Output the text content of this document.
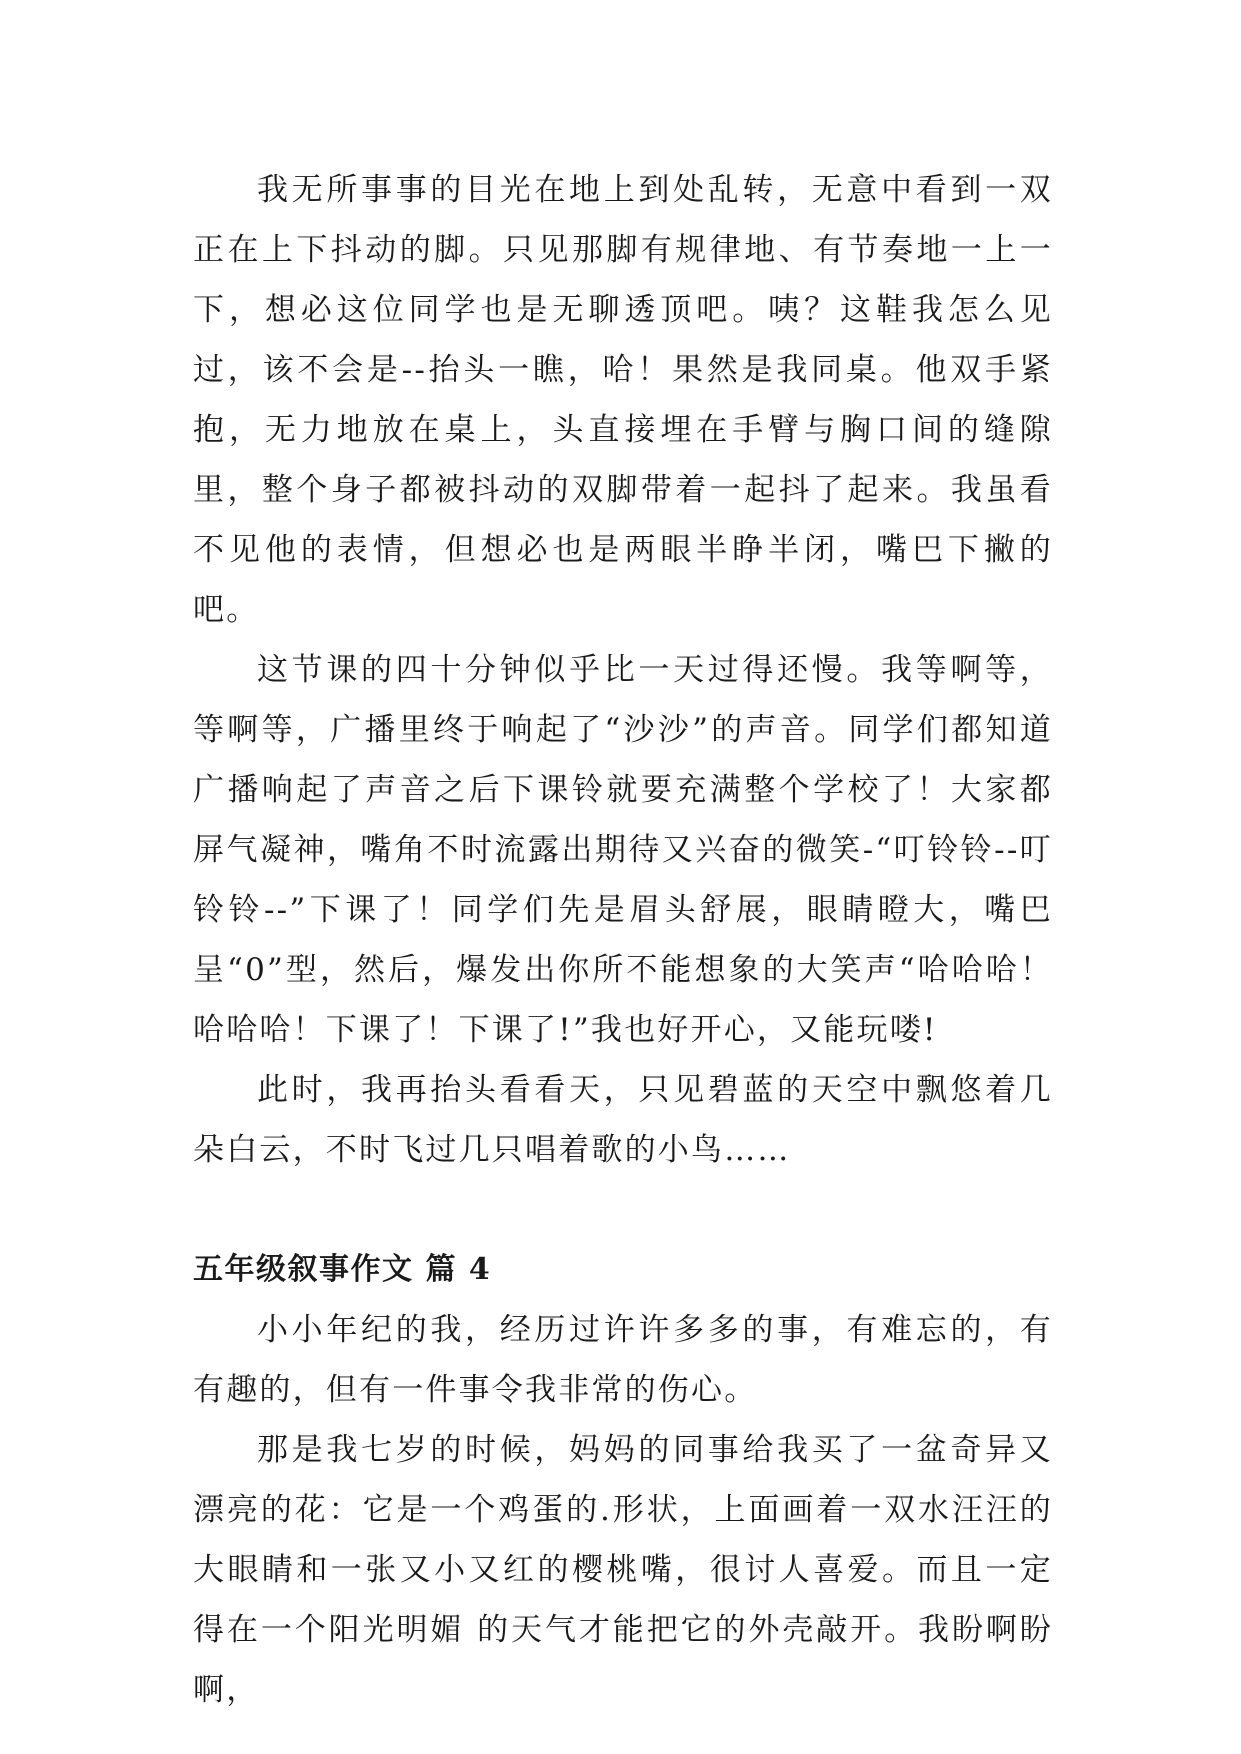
我无所事事的目光在地上到处乱转，无意中看到一双正在上下抖动的脚。只见那脚有规律地、有节奏地一上一下，想必这位同学也是无聊透顶吧。咦？这鞋我怎么见过，该不会是--抬头一瞧，哈！果然是我同桌。他双手紧抱，无力地放在桌上，头直接埋在手臂与胸口间的缝隙里，整个身子都被抖动的双脚带着一起抖了起来。我虽看不见他的表情，但想必也是两眼半睁半闭，嘴巴下撇的吧。

这节课的四十分钟似乎比一天过得还慢。我等啊等，等啊等，广播里终于响起了“沙沙”的声音。同学们都知道广播响起了声音之后下课铃就要充满整个学校了！大家都屏气凝神，嘴角不时流露出期待又兴奋的微笑-“叮铃铃--叮铃铃--”下课了！同学们先是眉头舒展，眼睛瞪大，嘴巴呈“0”型，然后，爆发出你所不能想象的大笑声“哈哈哈！哈哈哈！下课了！下课了!”我也好开心，又能玩喽!

此时，我再抬头看看天，只见碧蓝的天空中飘悠着几朵白云，不时飞过几只唱着歌的小鸟……

五年级叙事作文 篇 4

小小年纪的我，经历过许许多多的事，有难忘的，有有趣的，但有一件事令我非常的伤心。

那是我七岁的时候，妈妈的同事给我买了一盆奇异又漂亮的花：它是一个鸡蛋的.形状，上面画着一双水汪汪的大眼睛和一张又小又红的樱桃嘴，很讨人喜爱。而且一定得在一个阳光明媚 的天气才能把它的外壳敲开。我盼啊盼啊，
